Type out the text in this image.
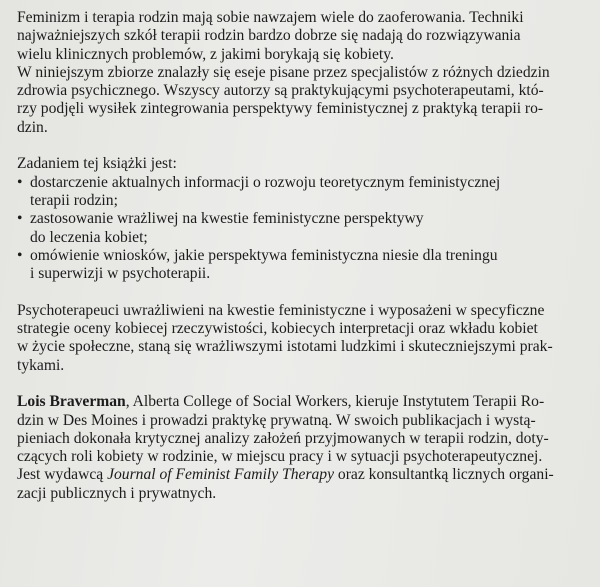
Feminizm i terapia rodzin mają sobie nawzajem wiele do zaoferowania. Techniki
najważniejszych szkół terapii rodzin bardzo dobrze się nadają do rozwiązywania
wielu klinicznych problemów, z jakimi borykają się kobiety.
W niniejszym zbiorze znalazły się eseje pisane przez specjalistów z różnych dziedzin
zdrowia psychicznego. Wszyscy autorzy są praktykującymi psychoterapeutami, któ-
rzy podjęli wysiłek zintegrowania perspektywy feministycznej z praktyką terapii ro-
dzin.
Zadaniem tej książki jest:
• dostarczenie aktualnych informacji o rozwoju teoretycznym feministycznej
terapii rodzin;
• zastosowanie wrażliwej na kwestie feministyczne perspektywy
do leczenia kobiet;
• omówienie wniosków, jakie perspektywa feministyczna niesie dla treningu
i superwizji w psychoterapii.
Psychoterapeuci uwrażliwieni na kwestie feministyczne i wyposażeni w specyficzne
strategie oceny kobiecej rzeczywistości, kobiecych interpretacji oraz wkładu kobiet
w życie społeczne, staną się wrażliwszymi istotami ludzkimi i skuteczniejszymi prak-
tykami.
Lois Braverman, Alberta College of Social Workers, kieruje Instytutem Terapii Ro-
dzin w Des Moines i prowadzi praktykę prywatną. W swoich publikacjach i wystą-
pieniach dokonała krytycznej analizy założeń przyjmowanych w terapii rodzin, doty-
czących roli kobiety w rodzinie, w miejscu pracy i w sytuacji psychoterapeutycznej.
Jest wydawcą Journal of Feminist Family Therapy oraz konsultantką licznych organi-
zacji publicznych i prywatnych.
